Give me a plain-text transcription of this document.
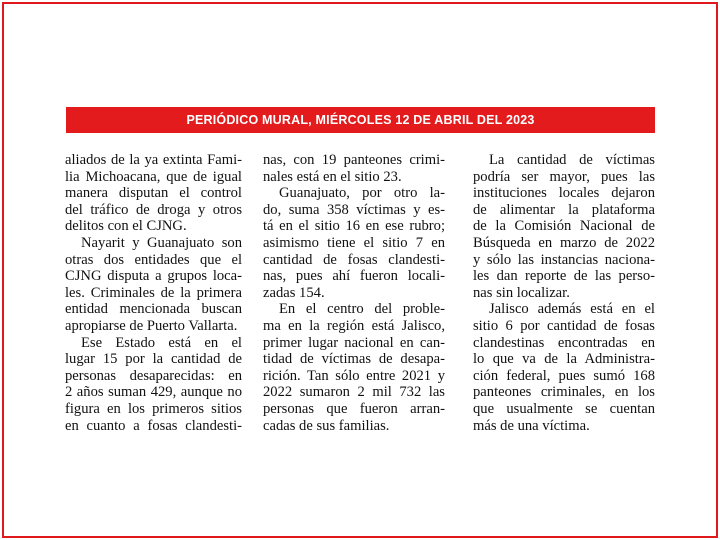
PERIÓDICO MURAL, MIÉRCOLES 12 DE ABRIL DEL 2023
aliados de la ya extinta Fami-
lia Michoacana, que de igual
manera disputan el control
del tráfico de droga y otros
delitos con el CJNG.
Nayarit y Guanajuato son
otras dos entidades que el
CJNG disputa a grupos loca-
les. Criminales de la primera
entidad mencionada buscan
apropiarse de Puerto Vallarta.
Ese Estado está en el
lugar 15 por la cantidad de
personas desaparecidas: en
2 años suman 429, aunque no
figura en los primeros sitios
en cuanto a fosas clandesti-
nas, con 19 panteones crimi-
nales está en el sitio 23.
Guanajuato, por otro la-
do, suma 358 víctimas y es-
tá en el sitio 16 en ese rubro;
asimismo tiene el sitio 7 en
cantidad de fosas clandesti-
nas, pues ahí fueron locali-
zadas 154.
En el centro del proble-
ma en la región está Jalisco,
primer lugar nacional en can-
tidad de víctimas de desapa-
rición. Tan sólo entre 2021 y
2022 sumaron 2 mil 732 las
personas que fueron arran-
cadas de sus familias.
La cantidad de víctimas
podría ser mayor, pues las
instituciones locales dejaron
de alimentar la plataforma
de la Comisión Nacional de
Búsqueda en marzo de 2022
y sólo las instancias naciona-
les dan reporte de las perso-
nas sin localizar.
Jalisco además está en el
sitio 6 por cantidad de fosas
clandestinas encontradas en
lo que va de la Administra-
ción federal, pues sumó 168
panteones criminales, en los
que usualmente se cuentan
más de una víctima.
